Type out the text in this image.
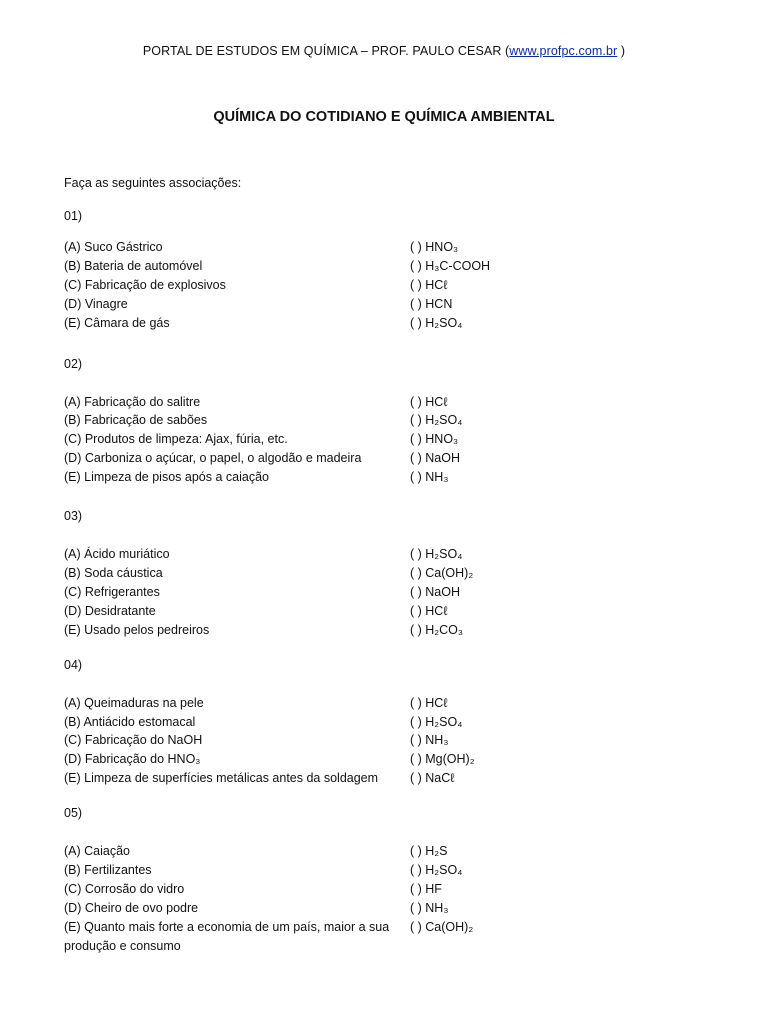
PORTAL DE ESTUDOS EM QUÍMICA – PROF. PAULO CESAR (www.profpc.com.br )
QUÍMICA DO COTIDIANO E QUÍMICA AMBIENTAL
Faça as seguintes associações:
01)
(A) Suco Gástrico
(B) Bateria de automóvel
(C) Fabricação de explosivos
(D) Vinagre
(E) Câmara de gás
( ) HNO₃
( ) H₃C-COOH
( ) HCℓ
( ) HCN
( ) H₂SO₄
02)
(A) Fabricação do salitre
(B) Fabricação de sabões
(C) Produtos de limpeza: Ajax, fúria, etc.
(D) Carboniza o açúcar, o papel, o algodão e madeira
(E) Limpeza de pisos após a caiação
( ) HCℓ
( ) H₂SO₄
( ) HNO₃
( ) NaOH
( ) NH₃
03)
(A) Ácido muriático
(B) Soda cáustica
(C) Refrigerantes
(D) Desidratante
(E) Usado pelos pedreiros
( ) H₂SO₄
( ) Ca(OH)₂
( ) NaOH
( ) HCℓ
( ) H₂CO₃
04)
(A) Queimaduras na pele
(B) Antiácido estomacal
(C) Fabricação do NaOH
(D) Fabricação do HNO₃
(E) Limpeza de superfícies metálicas antes da soldagem
( ) HCℓ
( ) H₂SO₄
( ) NH₃
( ) Mg(OH)₂
( ) NaCℓ
05)
(A) Caiação
(B) Fertilizantes
(C) Corrosão do vidro
(D) Cheiro de ovo podre
(E) Quanto mais forte a economia de um país, maior a sua produção e consumo
( ) H₂S
( ) H₂SO₄
( ) HF
( ) NH₃
( ) Ca(OH)₂
